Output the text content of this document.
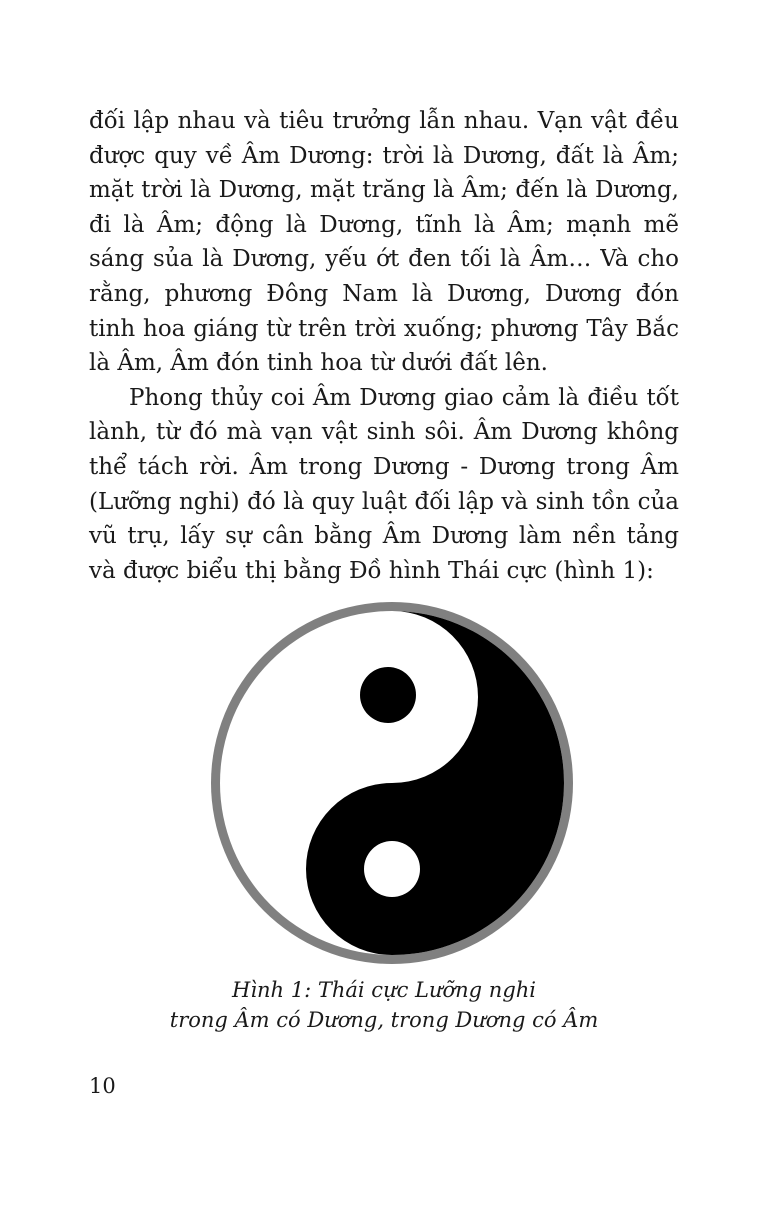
đối lập nhau và tiêu trưởng lẫn nhau. Vạn vật đều được quy về Âm Dương: trời là Dương, đất là Âm; mặt trời là Dương, mặt trăng là Âm; đến là Dương, đi là Âm; động là Dương, tĩnh là Âm; mạnh mẽ sáng sủa là Dương, yếu ớt đen tối là Âm… Và cho rằng, phương Đông Nam là Dương, Dương đón tinh hoa giáng từ trên trời xuống; phương Tây Bắc là Âm, Âm đón tinh hoa từ dưới đất lên.

Phong thủy coi Âm Dương giao cảm là điều tốt lành, từ đó mà vạn vật sinh sôi. Âm Dương không thể tách rời. Âm trong Dương - Dương trong Âm (Lưỡng nghi) đó là quy luật đối lập và sinh tồn của vũ trụ, lấy sự cân bằng Âm Dương làm nền tảng và được biểu thị bằng Đồ hình Thái cực (hình 1):

Hình 1: Thái cực Lưỡng nghi
trong Âm có Dương, trong Dương có Âm
10
